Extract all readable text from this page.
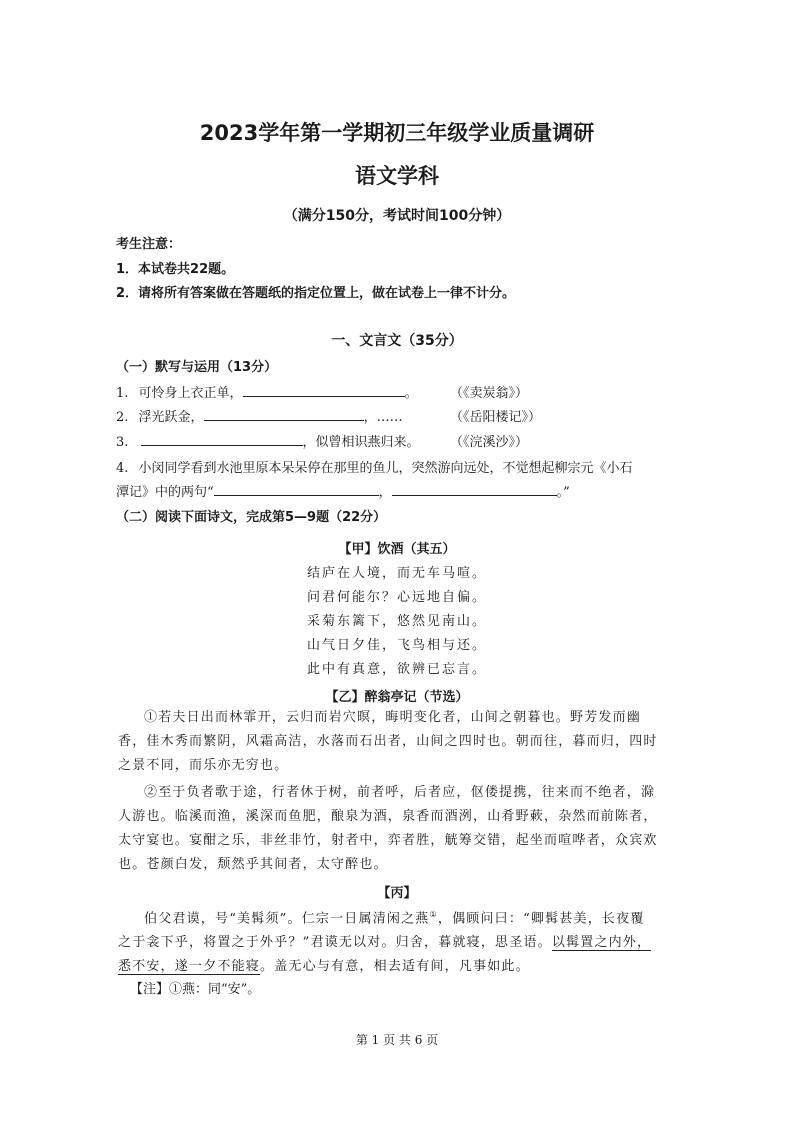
2023学年第一学期初三年级学业质量调研
语文学科
（满分150分，考试时间100分钟）
考生注意：
1．本试卷共22题。
2．请将所有答案做在答题纸的指定位置上，做在试卷上一律不计分。
一、文言文（35分）
（一）默写与运用（13分）
1. 可怜身上衣正单，	。 （《卖炭翁》）
2. 浮光跃金，	，……	（《岳阳楼记》）
3.	，似曾相识燕归来。 （《浣溪沙》）
4. 小闵同学看到水池里原本呆呆停在那里的鱼儿，突然游向远处，不觉想起柳宗元《小石
潭记》中的两句“	，	。”
（二）阅读下面诗文，完成第5—9题（22分）
【甲】饮酒（其五）
结庐在人境，而无车马喧。
问君何能尔？心远地自偏。
采菊东篱下，悠然见南山。
山气日夕佳，飞鸟相与还。
此中有真意，欲辨已忘言。
【乙】醉翁亭记（节选）
①若夫日出而林霏开，云归而岩穴暝，晦明变化者，山间之朝暮也。野芳发而幽香，佳木秀而繁阴，风霜高洁，水落而石出者，山间之四时也。朝而往，暮而归，四时之景不同，而乐亦无穷也。
②至于负者歌于途，行者休于树，前者呼，后者应，伛偻提携，往来而不绝者，滁人游也。临溪而渔，溪深而鱼肥，酿泉为酒，泉香而酒洌，山肴野蔌，杂然而前陈者，太守宴也。宴酣之乐，非丝非竹，射者中，弈者胜，觥筹交错，起坐而喧哗者，众宾欢也。苍颜白发，颓然乎其间者，太守醉也。
【丙】
伯父君谟，号“美髯须”。仁宗一日属清闲之燕①，偶顾问曰：“卿髯甚美，长夜覆之于衾下乎，将置之于外乎？”君谟无以对。归舍，暮就寝，思圣语。以髯置之内外，悉不安，遂一夕不能寝。盖无心与有意，相去适有间，凡事如此。
【注】①燕：同“安”。
第 1 页 共 6 页
